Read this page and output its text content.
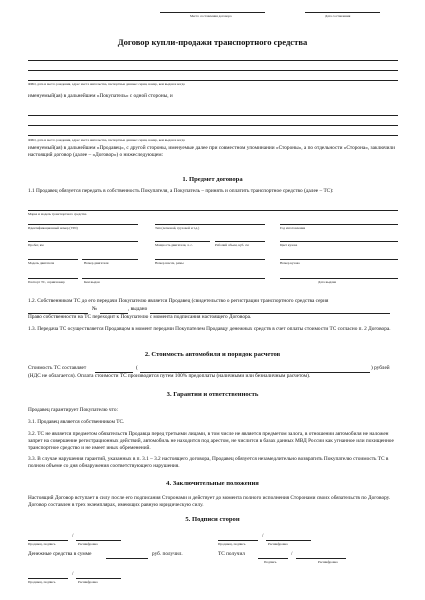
Место составления договора	Дата составления
Договор купли-продажи транспортного средства
ФИО, дата и место рождения, адрес места жительства, паспортные данные: серия, номер, кем выдан и когда
именуемый(ая) в дальнейшем «Покупатель» с одной стороны, и
ФИО, дата и место рождения, адрес места жительства, паспортные данные: серия, номер, кем выдан и когда
именуемый(ая) в дальнейшем «Продавец», с другой стороны, именуемые далее при совместном упоминании «Стороны», а по отдельности «Сторона», заключили настоящий договор (далее – «Договор») о нижеследующем:
1. Предмет договора
1.1 Продавец обязуется передать в собственность Покупателя, а Покупатель – принять и оплатить транспортное средство (далее – ТС):
Марка и модель транспортного средства
Идентификационный номер (VIN)	Тип (легковой, грузовой и т.д.)	Год изготовления
Пробег, км	Мощность двигателя, л. с.	Рабочий объем, куб. см	Цвет кузова
Модель двигателя	Номер двигателя	Номер шасси, рамы	Номер кузова
Паспорт ТС, серия/номер	Кем выдан	Дата выдачи
1.2. Собственником ТС до его передачи Покупателю является Продавец (свидетельство о регистрации транспортного средства серия
№	, выдано
Право собственности на ТС переходит к Покупателю с момента подписания настоящего Договора.
1.3. Передача ТС осуществляется Продавцом в момент передачи Покупателем Продавцу денежных средств в счет оплаты стоимости ТС согласно п. 2 Договора.
2. Стоимость автомобиля и порядок расчетов
Стоимость ТС составляет	(	) рублей
(НДС не облагается). Оплата стоимости ТС производится путем 100% предоплаты (наличными или безналичным расчетом).
3. Гарантии и ответственность
Продавец гарантирует Покупателю что:
3.1. Продавец является собственником ТС.
3.2. ТС не является предметом обязательств Продавца перед третьими лицами, в том числе не является предметом залога, в отношении автомобиля не наложен запрет на совершение регистрационных действий, автомобиль не находится под арестом, не числится в базах данных МВД России как угнанное или похищенное транспортное средство и не имеет иных обременений.
3.3. В случае нарушения гарантий, указанных в п. 3.1 – 3.2 настоящего договора, Продавец обязуется незамедлительно возвратить Покупателю стоимость ТС в полном объеме со дня обнаружения соответствующего нарушения.
4. Заключительные положения
Настоящий Договор вступает в силу после его подписания Сторонами и действует до момента полного исполнения Сторонами своих обязательств по Договору. Договор составлен в трех экземплярах, имеющих равную юридическую силу.
5. Подписи сторон
/
Продавец, подпись	Расшифровка
/
Продавец, подпись	Расшифровка
Денежные средства в сумме	руб. получил.	ТС получил	/
Подпись	Расшифровка
/
Продавец, подпись	Расшифровка
